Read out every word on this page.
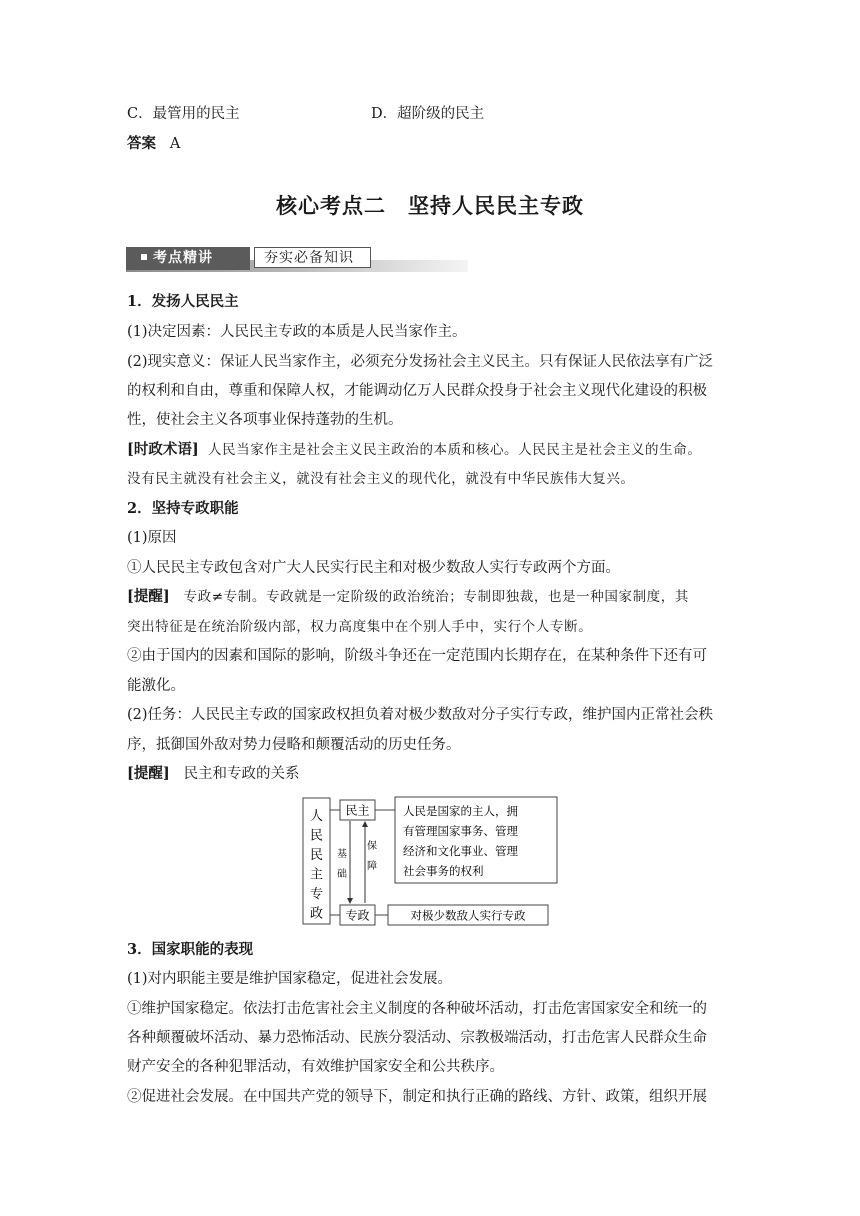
C．最管用的民主	D．超阶级的民主
答案 A
核心考点二　坚持人民民主专政
考点精讲	夯实必备知识
1．发扬人民民主
(1)决定因素：人民民主专政的本质是人民当家作主。
(2)现实意义：保证人民当家作主，必须充分发扬社会主义民主。只有保证人民依法享有广泛
的权利和自由，尊重和保障人权，才能调动亿万人民群众投身于社会主义现代化建设的积极
性，使社会主义各项事业保持蓬勃的生机。
[时政术语] 人民当家作主是社会主义民主政治的本质和核心。人民民主是社会主义的生命。
没有民主就没有社会主义，就没有社会主义的现代化，就没有中华民族伟大复兴。
2．坚持专政职能
(1)原因
①人民民主专政包含对广大人民实行民主和对极少数敌人实行专政两个方面。
[提醒] 专政≠专制。专政就是一定阶级的政治统治；专制即独裁，也是一种国家制度，其
突出特征是在统治阶级内部，权力高度集中在个别人手中，实行个人专断。
②由于国内的因素和国际的影响，阶级斗争还在一定范围内长期存在，在某种条件下还有可
能激化。
(2)任务：人民民主专政的国家政权担负着对极少数敌对分子实行专政，维护国内正常社会秩
序，抵御国外敌对势力侵略和颠覆活动的历史任务。
[提醒] 民主和专政的关系
人
民
民
主
专
政
民主
专政
基
础
保
障
人民是国家的主人，拥
有管理国家事务、管理
经济和文化事业、管理
社会事务的权利
对极少数敌人实行专政
3．国家职能的表现
(1)对内职能主要是维护国家稳定，促进社会发展。
①维护国家稳定。依法打击危害社会主义制度的各种破坏活动，打击危害国家安全和统一的
各种颠覆破坏活动、暴力恐怖活动、民族分裂活动、宗教极端活动，打击危害人民群众生命
财产安全的各种犯罪活动，有效维护国家安全和公共秩序。
②促进社会发展。在中国共产党的领导下，制定和执行正确的路线、方针、政策，组织开展
